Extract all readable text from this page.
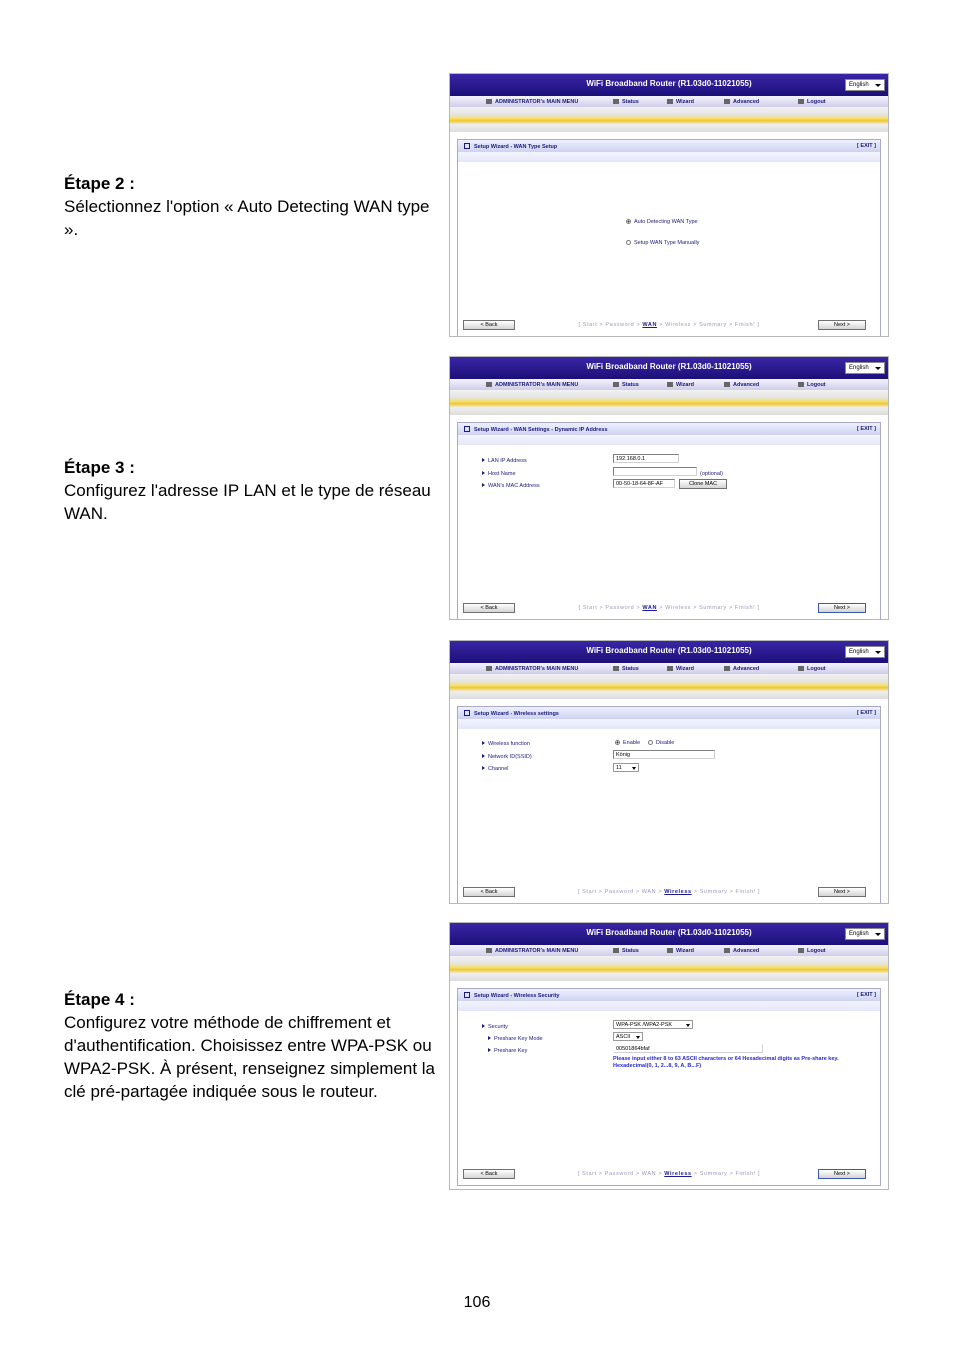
Étape 2 :
Sélectionnez l'option « Auto Detecting WAN type ».
Étape 3 :
Configurez l'adresse IP LAN et le type de réseau WAN.
Étape 4 :
Configurez votre méthode de chiffrement et d'authentification. Choisissez entre WPA-PSK ou WPA2-PSK. À présent, renseignez simplement la clé pré-partagée indiquée sous le routeur.
WiFi Broadband Router (R1.03d0-11021055)	English
ADMINISTRATOR's MAIN MENU	Status	Wizard	Advanced	Logout
Setup Wizard - WAN Type Setup	[ EXIT ]
Auto Detecting WAN Type
Setup WAN Type Manually
< Back	[ Start > Password > WAN > Wireless > Summary > Finish! ]	Next >
WiFi Broadband Router (R1.03d0-11021055)	English
ADMINISTRATOR's MAIN MENU	Status	Wizard	Advanced	Logout
Setup Wizard - WAN Settings - Dynamic IP Address	[ EXIT ]
LAN IP Address	192.168.0.1
Host Name	(optional)
WAN's MAC Address	00-50-18-64-8F-AF	Clone MAC
< Back	[ Start > Password > WAN > Wireless > Summary > Finish! ]	Next >
WiFi Broadband Router (R1.03d0-11021055)	English
ADMINISTRATOR's MAIN MENU	Status	Wizard	Advanced	Logout
Setup Wizard - Wireless settings	[ EXIT ]
Wireless function	Enable	Disable
Network ID(SSID)	König
Channel	11
< Back	[ Start > Password > WAN > Wireless > Summary > Finish! ]	Next >
WiFi Broadband Router (R1.03d0-11021055)	English
ADMINISTRATOR's MAIN MENU	Status	Wizard	Advanced	Logout
Setup Wizard - Wireless Security	[ EXIT ]
Security	WPA-PSK /WPA2-PSK
Preshare Key Mode	ASCII
Preshare Key	00501864bfaf
Please input either 8 to 63 ASCII characters or 64 Hexadecimal digits as Pre-share key. Hexadecimal(0, 1, 2...8, 9, A, B...F)
< Back	[ Start > Password > WAN > Wireless > Summary > Finish! ]	Next >
106
